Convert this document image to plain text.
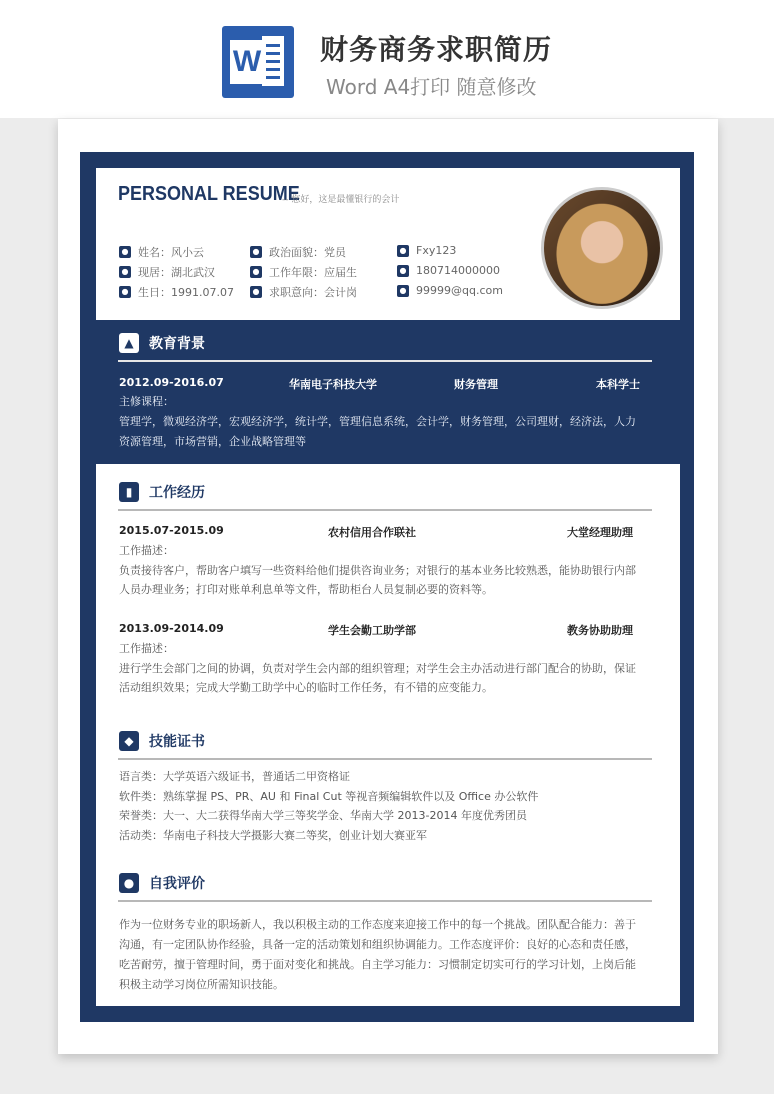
W 财务商务求职简历
Word A4打印 随意修改
PERSONAL RESUME
-- 您好，这是最懂银行的会计
● 姓名：风小云	● 政治面貌：党员	● Fxy123
● 现居：湖北武汉	● 工作年限：应届生	● 180714000000
● 生日：1991.07.07	● 求职意向：会计岗	● 99999@qq.com
▲	教育背景
2012.09-2016.07	华南电子科技大学	财务管理	本科学士
主修课程：
管理学，微观经济学，宏观经济学，统计学，管理信息系统，会计学，财务管理，公司理财，经济法，人力
资源管理，市场营销，企业战略管理等
▮	工作经历
2015.07-2015.09	农村信用合作联社	大堂经理助理
工作描述：
负责接待客户，帮助客户填写一些资料给他们提供咨询业务；对银行的基本业务比较熟悉，能协助银行内部
人员办理业务；打印对账单利息单等文件，帮助柜台人员复制必要的资料等。
2013.09-2014.09	学生会勤工助学部	教务协助助理
工作描述：
进行学生会部门之间的协调，负责对学生会内部的组织管理；对学生会主办活动进行部门配合的协助，保证
活动组织效果；完成大学勤工助学中心的临时工作任务，有不错的应变能力。
◆	技能证书
语言类：大学英语六级证书，普通话二甲资格证
软件类：熟练掌握 PS、PR、AU 和 Final Cut 等视音频编辑软件以及 Office 办公软件
荣誉类：大一、大二获得华南大学三等奖学金、华南大学 2013-2014 年度优秀团员
活动类：华南电子科技大学摄影大赛二等奖，创业计划大赛亚军
●	自我评价
作为一位财务专业的职场新人，我以积极主动的工作态度来迎接工作中的每一个挑战。团队配合能力：善于
沟通，有一定团队协作经验，具备一定的活动策划和组织协调能力。工作态度评价：良好的心态和责任感，
吃苦耐劳，擅于管理时间，勇于面对变化和挑战。自主学习能力：习惯制定切实可行的学习计划，上岗后能
积极主动学习岗位所需知识技能。
